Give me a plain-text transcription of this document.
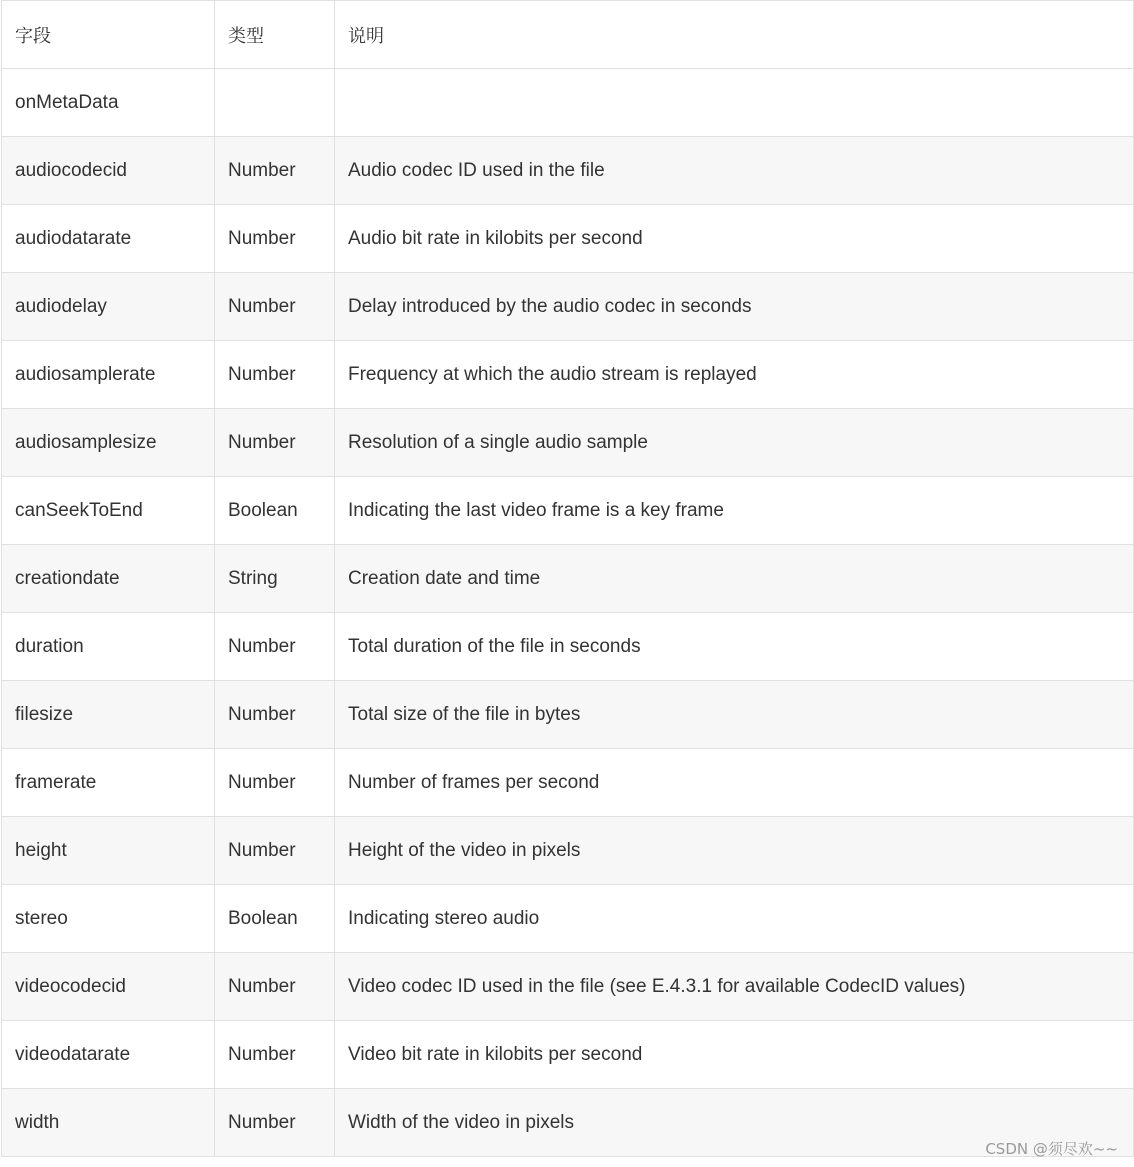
字段	类型	说明
onMetaData		
audiocodecid	Number	Audio codec ID used in the file
audiodatarate	Number	Audio bit rate in kilobits per second
audiodelay	Number	Delay introduced by the audio codec in seconds
audiosamplerate	Number	Frequency at which the audio stream is replayed
audiosamplesize	Number	Resolution of a single audio sample
canSeekToEnd	Boolean	Indicating the last video frame is a key frame
creationdate	String	Creation date and time
duration	Number	Total duration of the file in seconds
filesize	Number	Total size of the file in bytes
framerate	Number	Number of frames per second
height	Number	Height of the video in pixels
stereo	Boolean	Indicating stereo audio
videocodecid	Number	Video codec ID used in the file (see E.4.3.1 for available CodecID values)
videodatarate	Number	Video bit rate in kilobits per second
width	Number	Width of the video in pixels
CSDN @须尽欢~~
